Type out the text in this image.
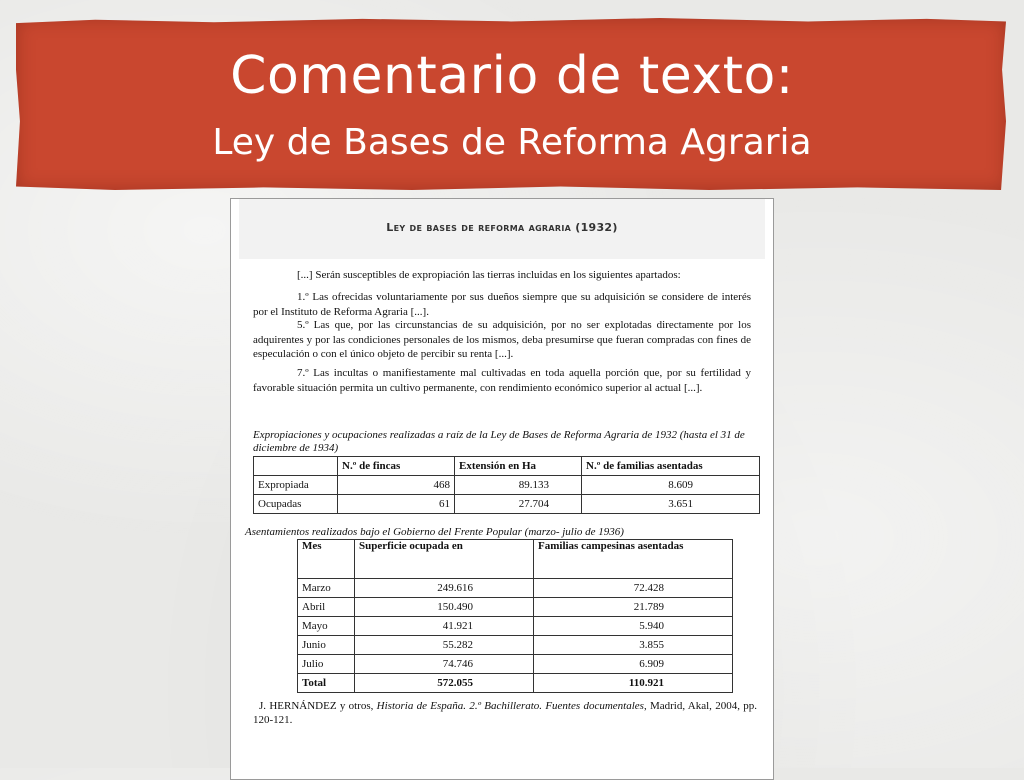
Comentario de texto:
Ley de Bases de Reforma Agraria
Ley de bases de reforma agraria (1932)
[...] Serán susceptibles de expropiación las tierras incluidas en los siguientes apartados:
1.º Las ofrecidas voluntariamente por sus dueños siempre que su adquisición se considere de interés por el Instituto de Reforma Agraria [...].
5.º Las que, por las circunstancias de su adquisición, por no ser explotadas directamente por los adquirentes y por las condiciones personales de los mismos, deba presumirse que fueran compradas con fines de especulación o con el único objeto de percibir su renta [...].
7.º Las incultas o manifiestamente mal cultivadas en toda aquella porción que, por su fertilidad y favorable situación permita un cultivo permanente, con rendimiento económico superior al actual [...].
Expropiaciones y ocupaciones realizadas a raíz de la Ley de Bases de Reforma Agraria de 1932 (hasta el 31 de diciembre de 1934)
	N.º de fincas	Extensión en Ha	N.º de familias asentadas
Expropiada	468	89.133	8.609
Ocupadas	61	27.704	3.651
Asentamientos realizados bajo el Gobierno del Frente Popular (marzo- julio de 1936)
Mes	Superficie ocupada en	Familias campesinas asentadas
Marzo	249.616	72.428
Abril	150.490	21.789
Mayo	41.921	5.940
Junio	55.282	3.855
Julio	74.746	6.909
Total	572.055	110.921
J. HERNÁNDEZ y otros, Historia de España. 2.º Bachillerato. Fuentes documentales, Madrid, Akal, 2004, pp. 120-121.
